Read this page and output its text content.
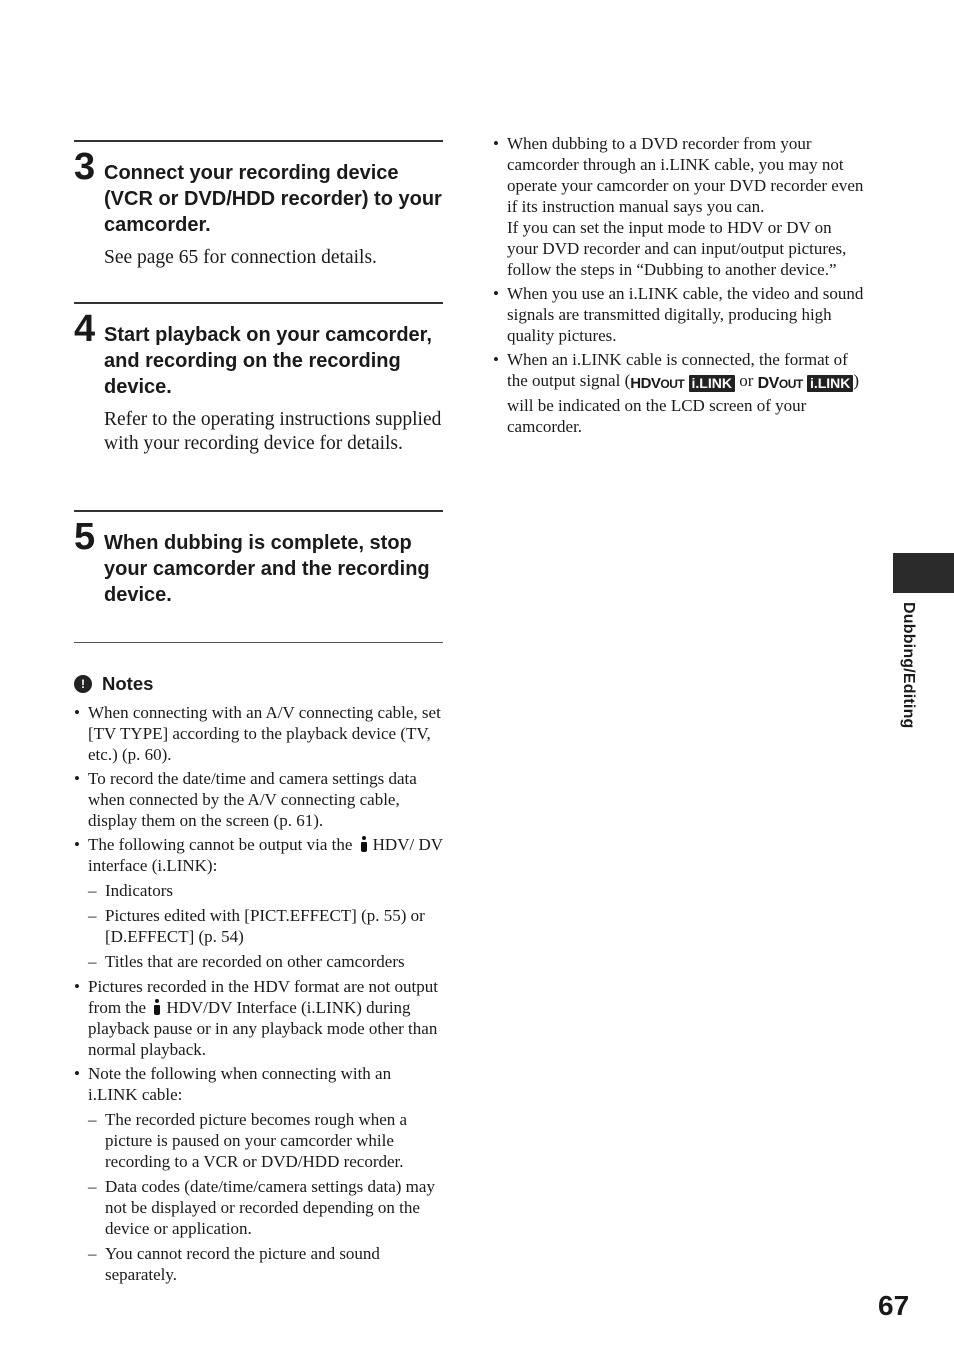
3 Connect your recording device (VCR or DVD/HDD recorder) to your camcorder.
See page 65 for connection details.
4 Start playback on your camcorder, and recording on the recording device.
Refer to the operating instructions supplied with your recording device for details.
5 When dubbing is complete, stop your camcorder and the recording device.
! Notes
• When connecting with an A/V connecting cable, set [TV TYPE] according to the playback device (TV, etc.) (p. 60).
• To record the date/time and camera settings data when connected by the A/V connecting cable, display them on the screen (p. 61).
• The following cannot be output via the HDV/ DV interface (i.LINK):
– Indicators
– Pictures edited with [PICT.EFFECT] (p. 55) or [D.EFFECT] (p. 54)
– Titles that are recorded on other camcorders
• Pictures recorded in the HDV format are not output from the HDV/DV Interface (i.LINK) during playback pause or in any playback mode other than normal playback.
• Note the following when connecting with an i.LINK cable:
– The recorded picture becomes rough when a picture is paused on your camcorder while recording to a VCR or DVD/HDD recorder.
– Data codes (date/time/camera settings data) may not be displayed or recorded depending on the device or application.
– You cannot record the picture and sound separately.
• When dubbing to a DVD recorder from your camcorder through an i.LINK cable, you may not operate your camcorder on your DVD recorder even if its instruction manual says you can.
If you can set the input mode to HDV or DV on your DVD recorder and can input/output pictures, follow the steps in “Dubbing to another device.”
• When you use an i.LINK cable, the video and sound signals are transmitted digitally, producing high quality pictures.
• When an i.LINK cable is connected, the format of the output signal (HDVOUT i.LINK or DVOUT i.LINK ) will be indicated on the LCD screen of your camcorder.
Dubbing/Editing
67
